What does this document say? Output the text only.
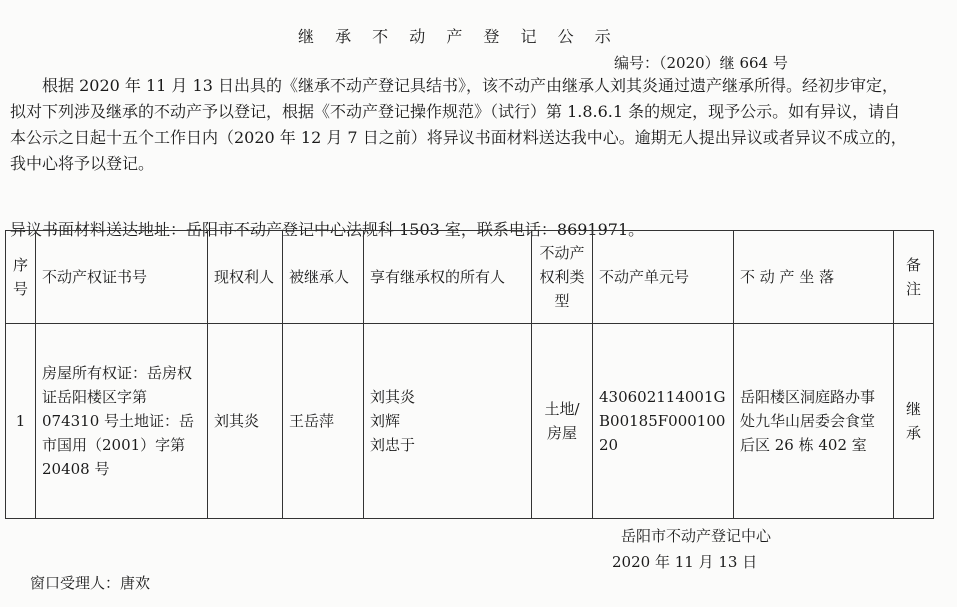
继 承 不 动 产 登 记 公 示
编号：（2020）继 664 号

根据 2020 年 11 月 13 日出具的《继承不动产登记具结书》，该不动产由继承人刘其炎通过遗产继承所得。经初步审定， 拟对下列涉及继承的不动产予以登记，根据《不动产登记操作规范》（试行）第 1.8.6.1 条的规定，现予公示。如有异议，请自本公示之日起十五个工作日内（2020 年 12 月 7 日之前）将异议书面材料送达我中心。逾期无人提出异议或者异议不成立的，我中心将予以登记。

异议书面材料送达地址：岳阳市不动产登记中心法规科 1503 室，联系电话：8691971。
序号	不动产权证书号	现权利人	被继承人	享有继承权的所有人	不动产权利类型	不动产单元号	不 动 产 坐 落	备注
1	房屋所有权证：岳房权证岳阳楼区字第 074310 号土地证：岳市国用（2001）字第 20408 号	刘其炎	王岳萍	刘其炎
刘辉
刘忠于	土地/房屋	430602114001GB00185F00010020	岳阳楼区洞庭路办事处九华山居委会食堂后区 26 栋 402 室	继承
岳阳市不动产登记中心
2020 年 11 月 13 日
窗口受理人：唐欢
